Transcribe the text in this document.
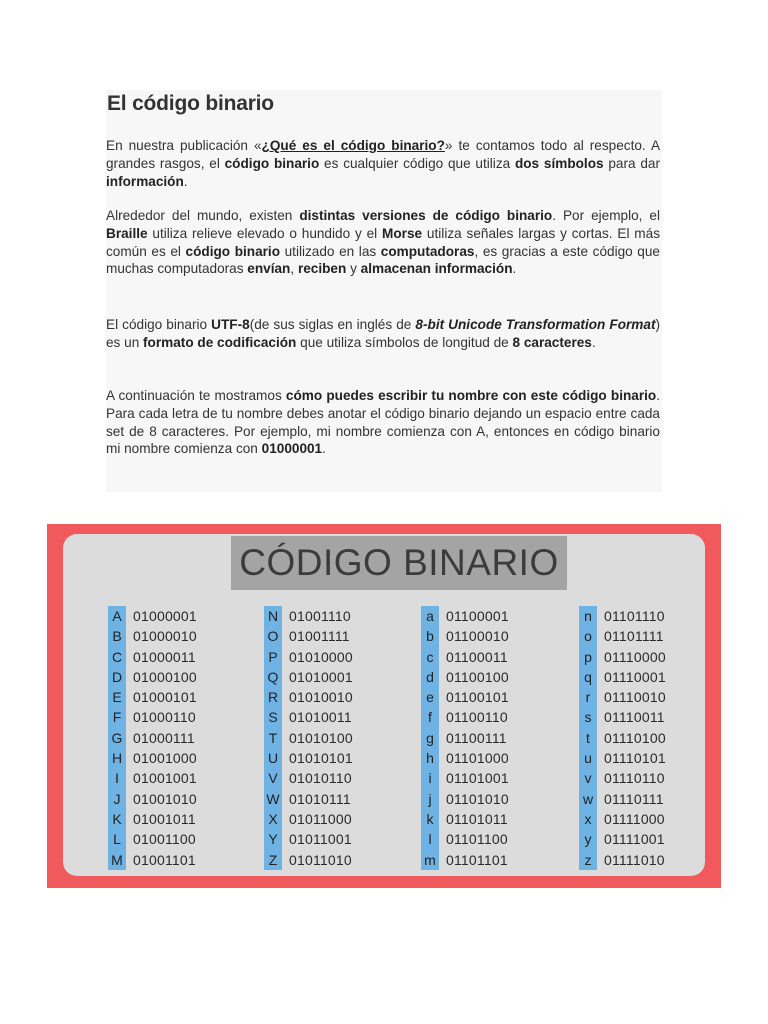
El código binario

En nuestra publicación «¿Qué es el código binario?» te contamos todo al respecto. A grandes rasgos, el código binario es cualquier código que utiliza dos símbolos para dar información.

Alrededor del mundo, existen distintas versiones de código binario. Por ejemplo, el Braille utiliza relieve elevado o hundido y el Morse utiliza señales largas y cortas. El más común es el código binario utilizado en las computadoras, es gracias a este código que muchas computadoras envían, reciben y almacenan información.

El código binario UTF-8(de sus siglas en inglés de 8-bit Unicode Transformation Format) es un formato de codificación que utiliza símbolos de longitud de 8 caracteres.

A continuación te mostramos cómo puedes escribir tu nombre con este código binario. Para cada letra de tu nombre debes anotar el código binario dejando un espacio entre cada set de 8 caracteres. Por ejemplo, mi nombre comienza con A, entonces en código binario mi nombre comienza con 01000001.

CÓDIGO BINARIO
A 01000001
B 01000010
C 01000011
D 01000100
E 01000101
F 01000110
G 01000111
H 01001000
I	01001001
J 01001010
K 01001011
L 01001100
M 01001101
N 01001110
O 01001111
P 01010000
Q 01010001
R 01010010
S 01010011
T 01010100
U 01010101
V 01010110
W 01010111
X 01011000
Y 01011001
Z 01011010
a 01100001
b 01100010
c 01100011
d 01100100
e 01100101
f	01100110
g 01100111
h 01101000
i	01101001
j	01101010
k 01101011
l	01101100
m 01101101
n 01101110
o 01101111
p 01110000
q 01110001
r 01110010
s 01110011
t	01110100
u 01110101
v 01110110
w 01110111
x 01111000
y 01111001
z 01111010
